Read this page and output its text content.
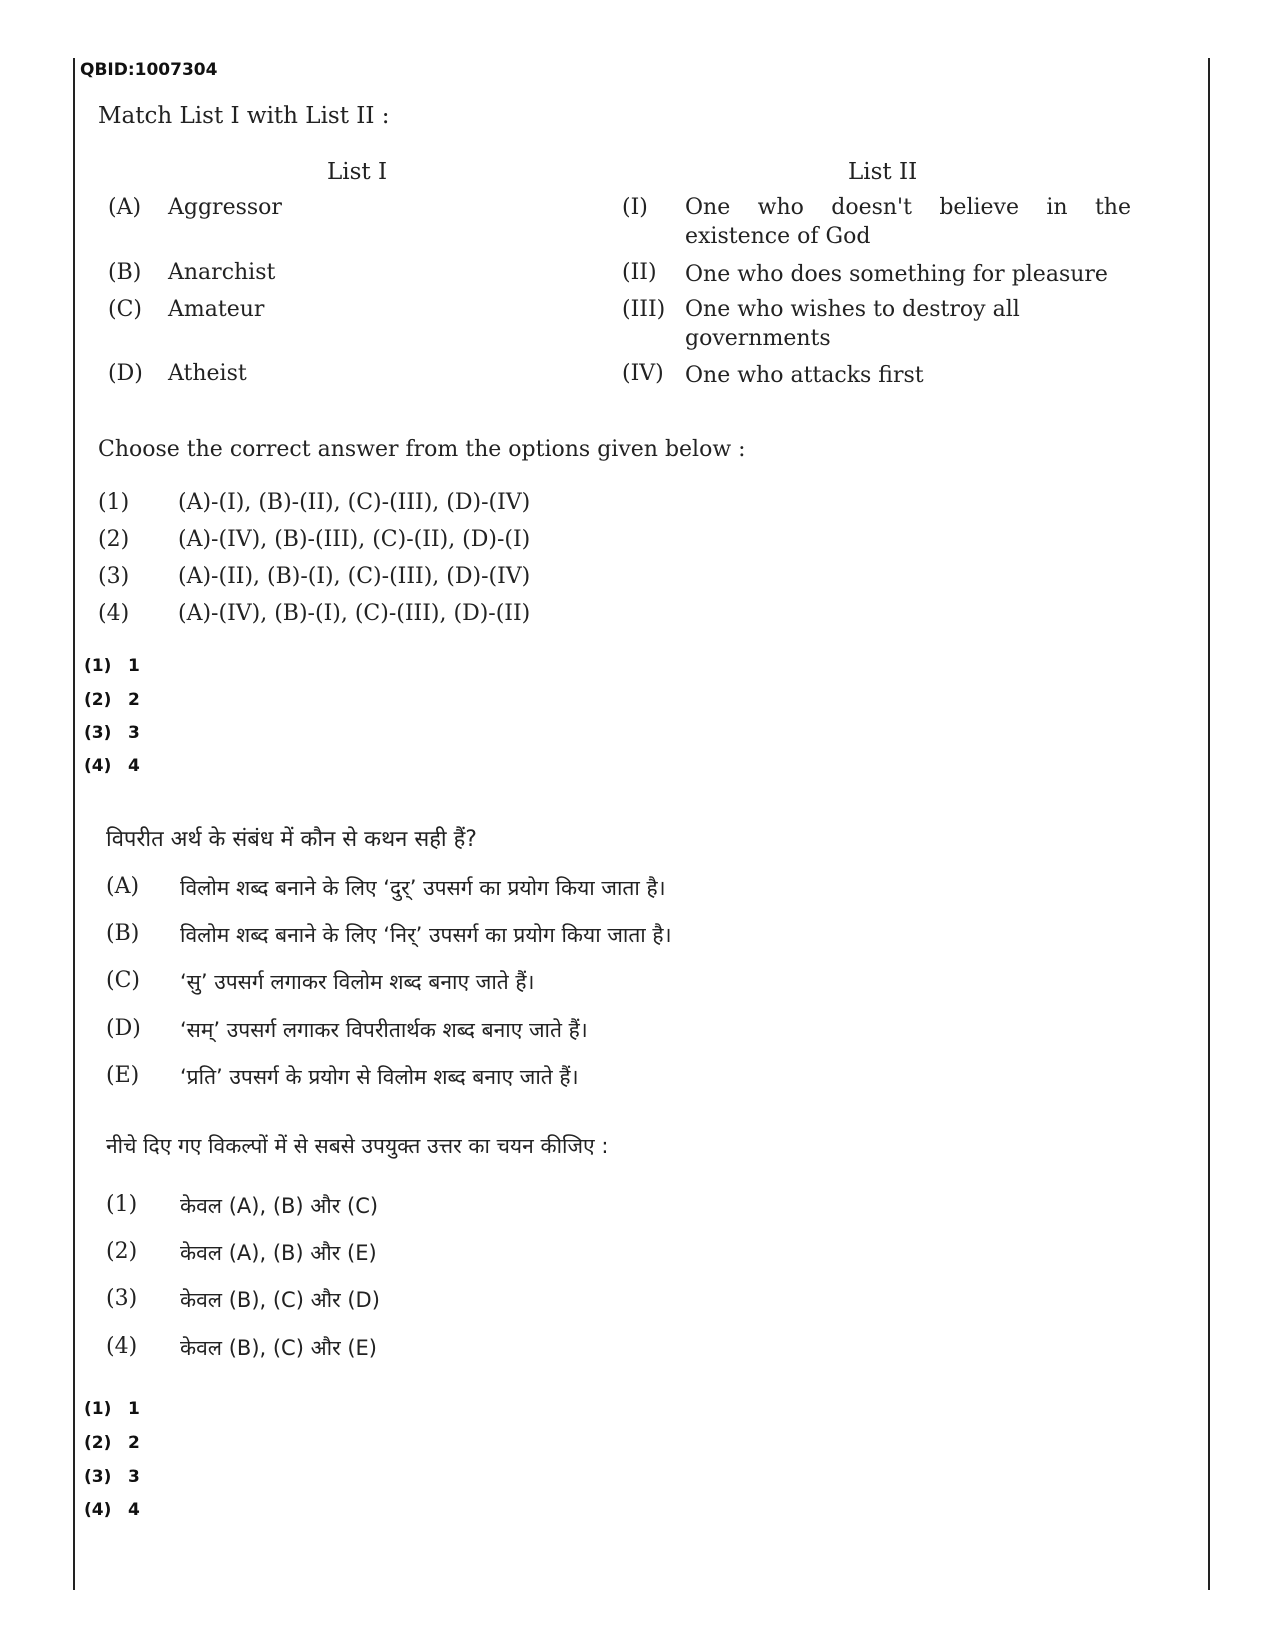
QBID:1007304
Match List I with List II :
List I	List II
(A) Aggressor
(B) Anarchist
(C) Amateur
(D) Atheist
(I) One who doesn't believe in the existence of God
(II) One who does something for pleasure
(III) One who wishes to destroy all governments
(IV) One who attacks first
Choose the correct answer from the options given below :
(1) (A)-(I), (B)-(II), (C)-(III), (D)-(IV)
(2) (A)-(IV), (B)-(III), (C)-(II), (D)-(I)
(3) (A)-(II), (B)-(I), (C)-(III), (D)-(IV)
(4) (A)-(IV), (B)-(I), (C)-(III), (D)-(II)
(1) 1
(2) 2
(3) 3
(4) 4
विपरीत अर्थ के संबंध में कौन से कथन सही हैं?
(A) विलोम शब्द बनाने के लिए ‘दुर्’ उपसर्ग का प्रयोग किया जाता है।
(B) विलोम शब्द बनाने के लिए ‘निर्’ उपसर्ग का प्रयोग किया जाता है।
(C) ‘सु’ उपसर्ग लगाकर विलोम शब्द बनाए जाते हैं।
(D) ‘सम्’ उपसर्ग लगाकर विपरीतार्थक शब्द बनाए जाते हैं।
(E) ‘प्रति’ उपसर्ग के प्रयोग से विलोम शब्द बनाए जाते हैं।
नीचे दिए गए विकल्पों में से सबसे उपयुक्त उत्तर का चयन कीजिए :
(1) केवल (A), (B) और (C)
(2) केवल (A), (B) और (E)
(3) केवल (B), (C) और (D)
(4) केवल (B), (C) और (E)
(1) 1
(2) 2
(3) 3
(4) 4
